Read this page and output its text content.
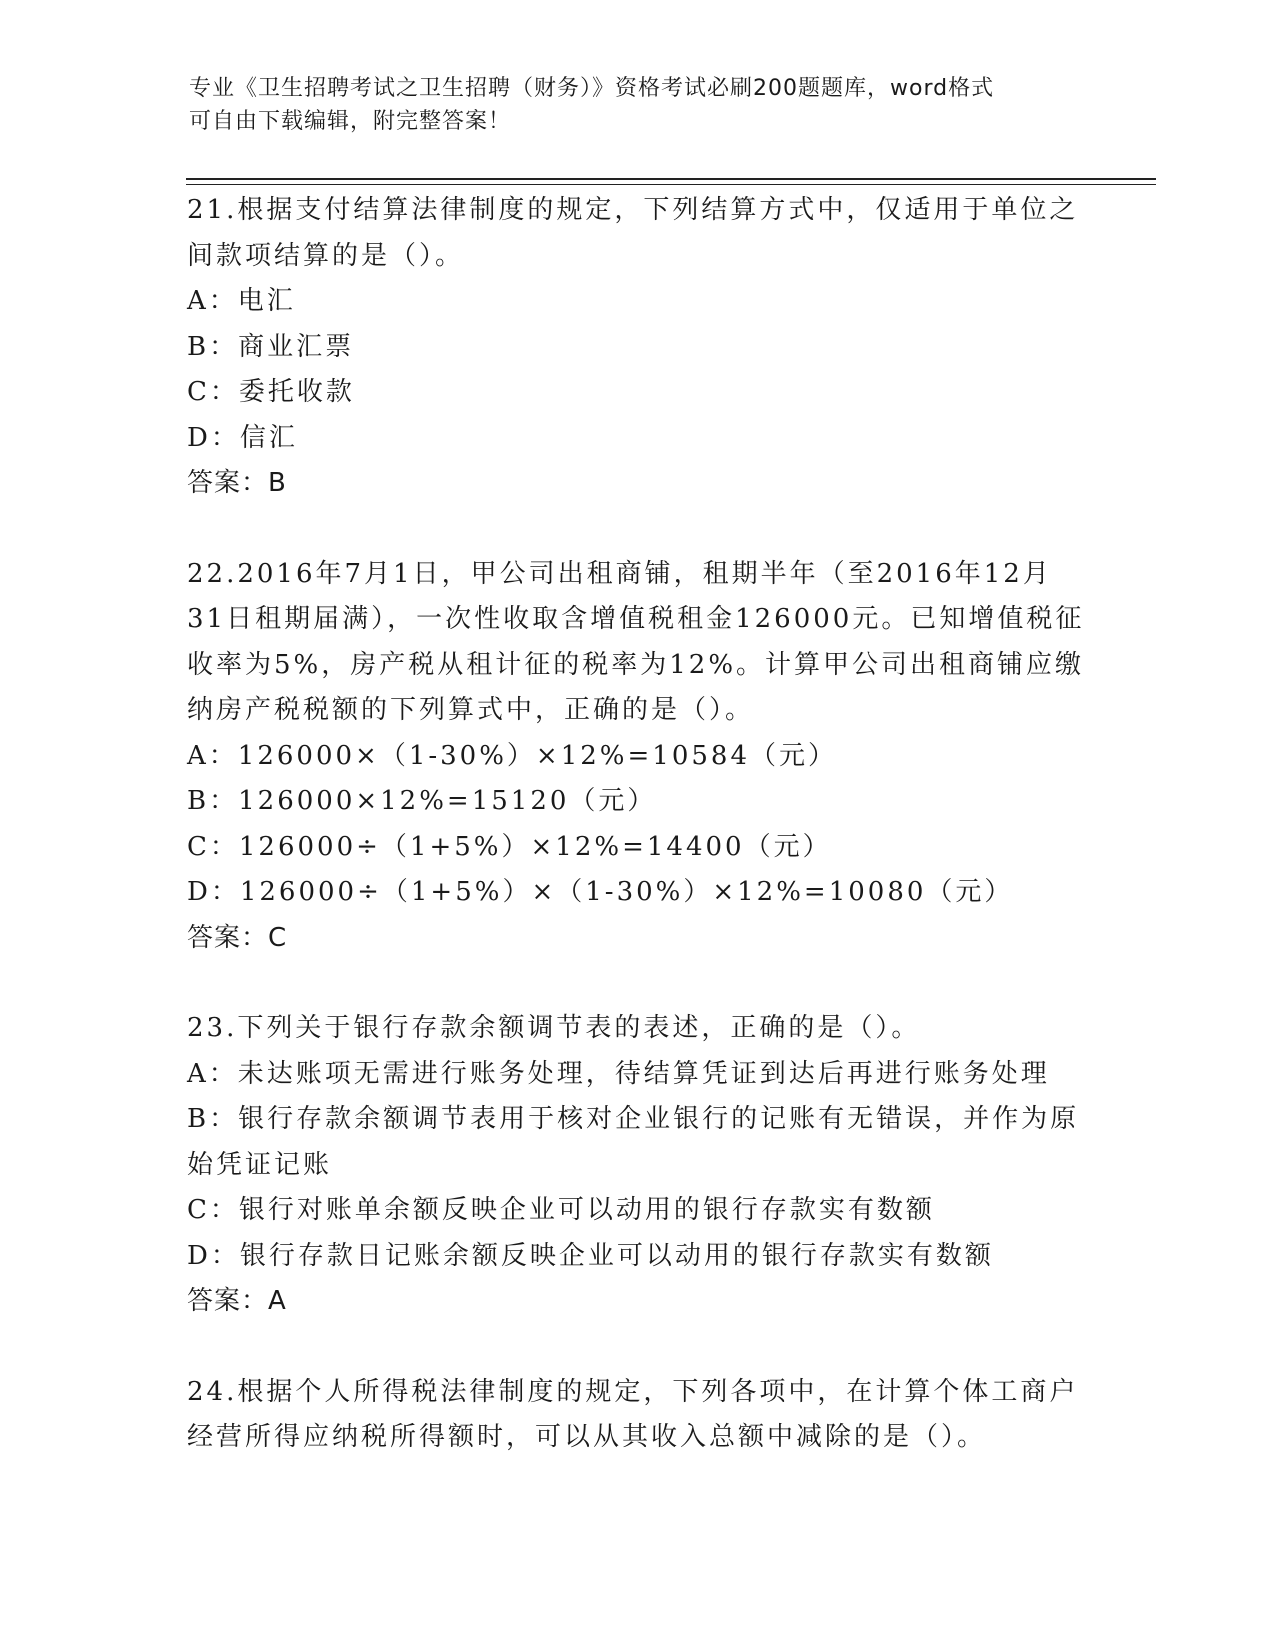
专业《卫生招聘考试之卫生招聘（财务）》资格考试必刷200题题库，word格式
可自由下载编辑，附完整答案！

21.根据支付结算法律制度的规定，下列结算方式中，仅适用于单位之

间款项结算的是（）。

A：电汇

B：商业汇票

C：委托收款

D：信汇

答案：B

22.2016年7月1日，甲公司出租商铺，租期半年（至2016年12月

31日租期届满），一次性收取含增值税租金126000元。已知增值税征

收率为5%，房产税从租计征的税率为12%。计算甲公司出租商铺应缴

纳房产税税额的下列算式中，正确的是（）。

A：126000×（1-30%）×12%=10584（元）

B：126000×12%=15120（元）

C：126000÷（1+5%）×12%=14400（元）

D：126000÷（1+5%）×（1-30%）×12%=10080（元）

答案：C

23.下列关于银行存款余额调节表的表述，正确的是（）。

A：未达账项无需进行账务处理，待结算凭证到达后再进行账务处理

B：银行存款余额调节表用于核对企业银行的记账有无错误，并作为原

始凭证记账

C：银行对账单余额反映企业可以动用的银行存款实有数额

D：银行存款日记账余额反映企业可以动用的银行存款实有数额

答案：A

24.根据个人所得税法律制度的规定，下列各项中，在计算个体工商户

经营所得应纳税所得额时，可以从其收入总额中减除的是（）。
